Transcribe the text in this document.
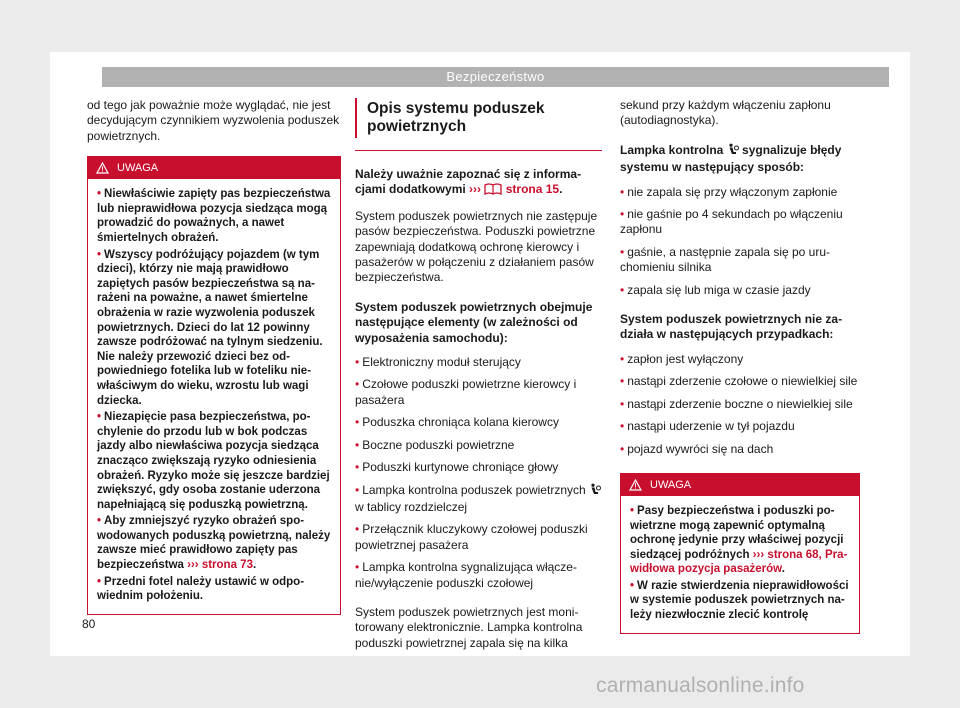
Bezpieczeństwo

od tego jak poważnie może wyglądać, nie jest decydującym czynnikiem wyzwolenia poduszek powietrznych.

UWAGA

• Niewłaściwie zapięty pas bezpieczeństwa lub nieprawidłowa pozycja siedząca mogą prowadzić do poważnych, a nawet śmiertelnych obrażeń.

• Wszyscy podróżujący pojazdem (w tym dzieci), którzy nie mają prawidłowo zapiętych pasów bezpieczeństwa są narażeni na poważne, a nawet śmiertelne obrażenia w razie wyzwolenia poduszek powietrznych. Dzieci do lat 12 powinny zawsze podróżować na tylnym siedzeniu. Nie należy przewozić dzieci bez odpowiedniego fotelika lub w foteliku niewłaściwym do wieku, wzrostu lub wagi dziecka.

• Niezapięcie pasa bezpieczeństwa, pochylenie do przodu lub w bok podczas jazdy albo niewłaściwa pozycja siedząca znacząco zwiększają ryzyko odniesienia obrażeń. Ryzyko może się jeszcze bardziej zwiększyć, gdy osoba zostanie uderzona napełniającą się poduszką powietrzną.

• Aby zmniejszyć ryzyko obrażeń spowodowanych poduszką powietrzną, należy zawsze mieć prawidłowo zapięty pas bezpieczeństwa ››› strona 73.

• Przedni fotel należy ustawić w odpowiednim położeniu.

Opis systemu poduszek powietrznych

Należy uważnie zapoznać się z informacjami dodatkowymi ››› strona 15.

System poduszek powietrznych nie zastępuje pasów bezpieczeństwa. Poduszki powietrzne zapewniają dodatkową ochronę kierowcy i pasażerów w połączeniu z działaniem pasów bezpieczeństwa.

System poduszek powietrznych obejmuje następujące elementy (w zależności od wyposażenia samochodu):

• Elektroniczny moduł sterujący
• Czołowe poduszki powietrzne kierowcy i pasażera
• Poduszka chroniąca kolana kierowcy
• Boczne poduszki powietrzne
• Poduszki kurtynowe chroniące głowy
• Lampka kontrolna poduszek powietrznych  w tablicy rozdzielczej
• Przełącznik kluczykowy czołowej poduszki powietrznej pasażera
• Lampka kontrolna sygnalizująca włączenie/wyłączenie poduszki czołowej

System poduszek powietrznych jest monitorowany elektronicznie. Lampka kontrolna poduszki powietrznej zapala się na kilka

sekund przy każdym włączeniu zapłonu (autodiagnostyka).

Lampka kontrolna sygnalizuje błędy systemu w następujący sposób:

• nie zapala się przy włączonym zapłonie
• nie gaśnie po 4 sekundach po włączeniu zapłonu
• gaśnie, a następnie zapala się po uruchomieniu silnika
• zapala się lub miga w czasie jazdy

System poduszek powietrznych nie zadziała w następujących przypadkach:

• zapłon jest wyłączony
• nastąpi zderzenie czołowe o niewielkiej sile
• nastąpi zderzenie boczne o niewielkiej sile
• nastąpi uderzenie w tył pojazdu
• pojazd wywróci się na dach
UWAGA

• Pasy bezpieczeństwa i poduszki powietrzne mogą zapewnić optymalną ochronę jedynie przy właściwej pozycji siedzącej podróżnych ››› strona 68, Prawidłowa pozycja pasażerów.

• W razie stwierdzenia nieprawidłowości w systemie poduszek powietrznych należy niezwłocznie zlecić kontrolę

80
carmanualsonline.info
